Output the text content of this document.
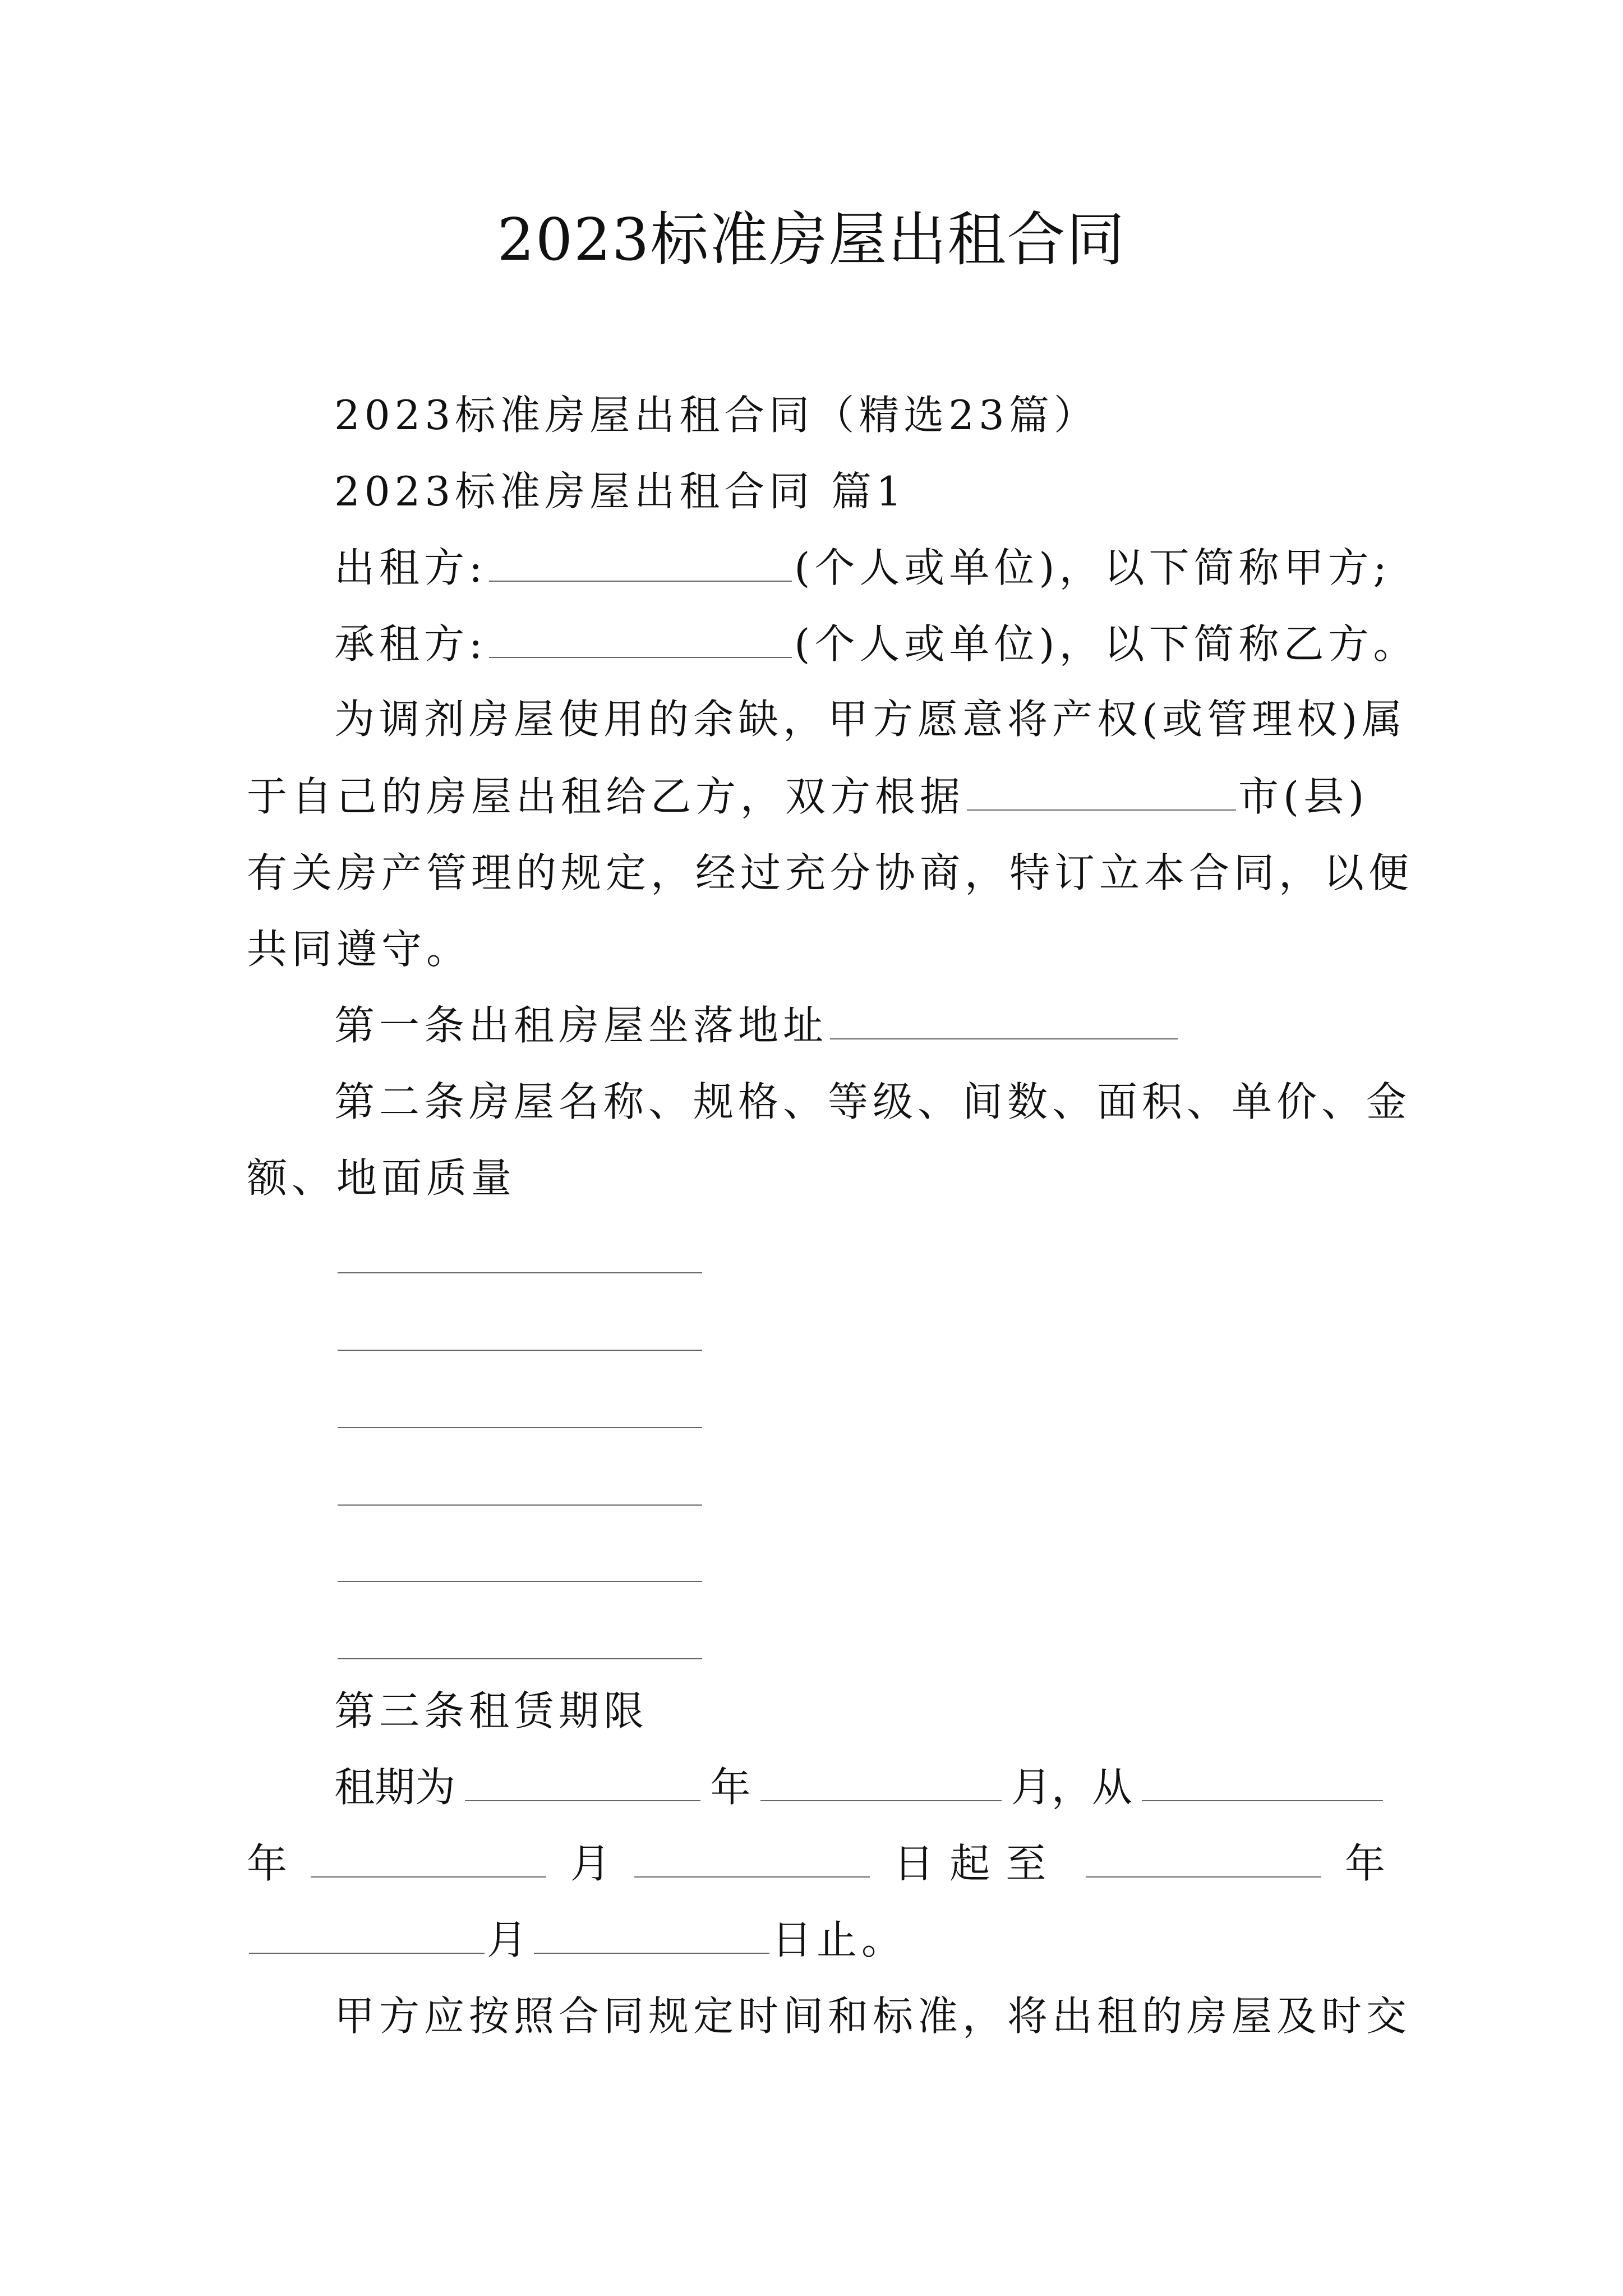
2023标准房屋出租合同
2023标准房屋出租合同（精选23篇）
2023标准房屋出租合同 篇1
出租方:	(个人或单位)，以下简称甲方;
承租方:	(个人或单位)，以下简称乙方。
为调剂房屋使用的余缺，甲方愿意将产权(或管理权)属
于自己的房屋出租给乙方，双方根据	市(县)
有关房产管理的规定，经过充分协商，特订立本合同，以便
共同遵守。
第一条出租房屋坐落地址
第二条房屋名称、规格、等级、间数、面积、单价、金
额、地面质量
第三条租赁期限
租期为	年	月，从
年	月	日起至	年
月	日止。
甲方应按照合同规定时间和标准，将出租的房屋及时交
